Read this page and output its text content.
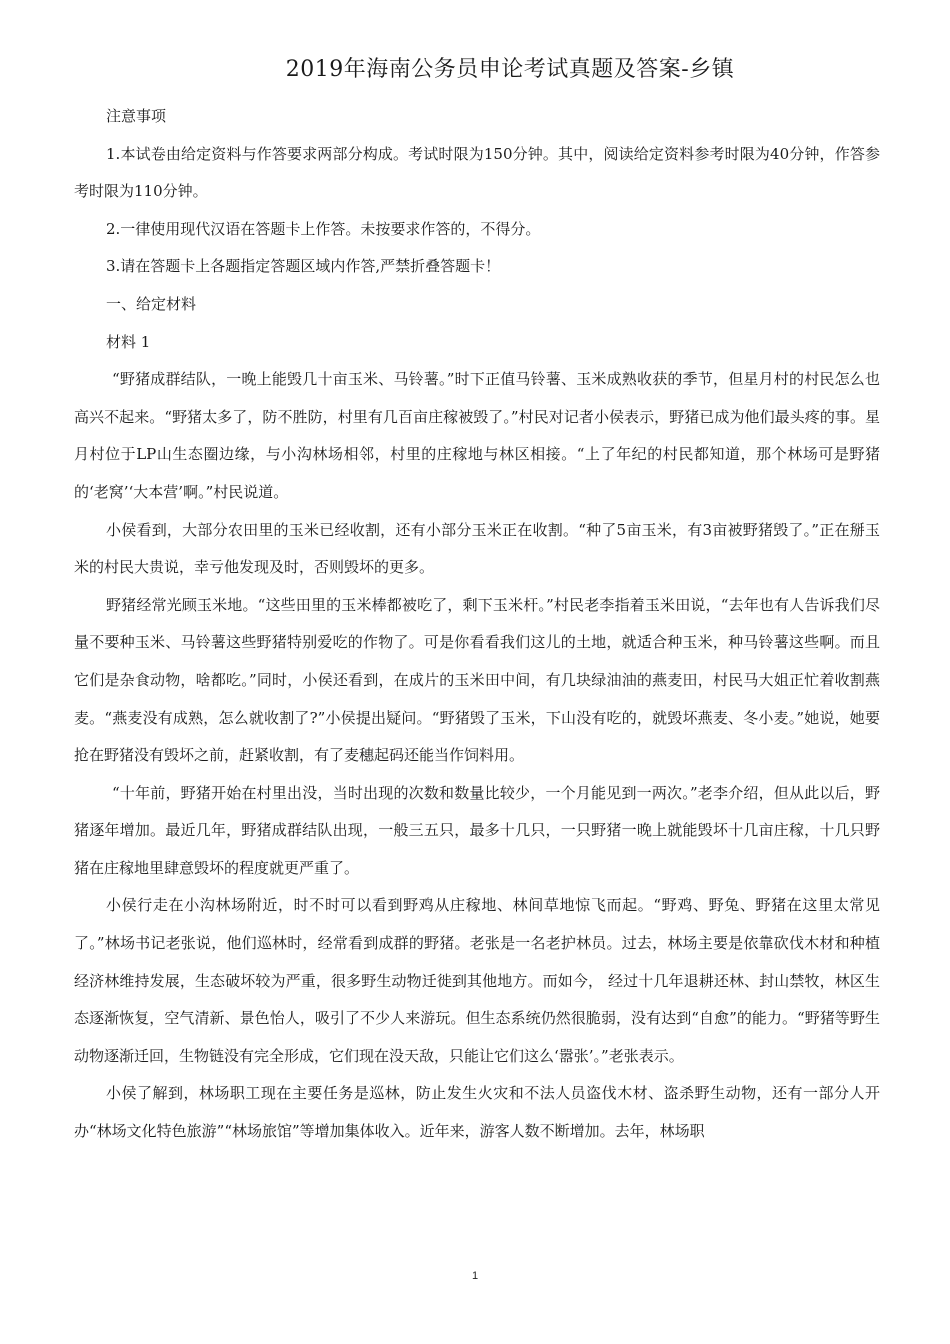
2019年海南公务员申论考试真题及答案-乡镇

注意事项

1.本试卷由给定资料与作答要求两部分构成。考试时限为150分钟。其中，阅读给定资料参考时限为40分钟，作答参考时限为110分钟。

2.一律使用现代汉语在答题卡上作答。未按要求作答的，不得分。

3.请在答题卡上各题指定答题区域内作答,严禁折叠答题卡！

一、给定材料

材料 1

“野猪成群结队，一晚上能毁几十亩玉米、马铃薯。”时下正值马铃薯、玉米成熟收获的季节，但星月村的村民怎么也高兴不起来。“野猪太多了，防不胜防，村里有几百亩庄稼被毁了。”村民对记者小侯表示，野猪已成为他们最头疼的事。星月村位于LP山生态圈边缘，与小沟林场相邻，村里的庄稼地与林区相接。“上了年纪的村民都知道，那个林场可是野猪的‘老窝’‘大本营’啊。”村民说道。

小侯看到，大部分农田里的玉米已经收割，还有小部分玉米正在收割。“种了5亩玉米，有3亩被野猪毁了。”正在掰玉米的村民大贵说，幸亏他发现及时，否则毁坏的更多。

野猪经常光顾玉米地。“这些田里的玉米棒都被吃了，剩下玉米杆。”村民老李指着玉米田说，“去年也有人告诉我们尽量不要种玉米、马铃薯这些野猪特别爱吃的作物了。可是你看看我们这儿的土地，就适合种玉米，种马铃薯这些啊。而且它们是杂食动物，啥都吃。”同时，小侯还看到，在成片的玉米田中间，有几块绿油油的燕麦田，村民马大姐正忙着收割燕麦。“燕麦没有成熟，怎么就收割了?”小侯提出疑问。“野猪毁了玉米，下山没有吃的，就毁坏燕麦、冬小麦。”她说，她要抢在野猪没有毁坏之前，赶紧收割，有了麦穗起码还能当作饲料用。

“十年前，野猪开始在村里出没，当时出现的次数和数量比较少，一个月能见到一两次。”老李介绍，但从此以后，野猪逐年增加。最近几年，野猪成群结队出现，一般三五只，最多十几只，一只野猪一晚上就能毁坏十几亩庄稼，十几只野猪在庄稼地里肆意毁坏的程度就更严重了。

小侯行走在小沟林场附近，时不时可以看到野鸡从庄稼地、林间草地惊飞而起。“野鸡、野兔、野猪在这里太常见了。”林场书记老张说，他们巡林时，经常看到成群的野猪。老张是一名老护林员。过去，林场主要是依靠砍伐木材和种植经济林维持发展，生态破坏较为严重，很多野生动物迁徙到其他地方。而如今， 经过十几年退耕还林、封山禁牧，林区生态逐渐恢复，空气清新、景色怡人，吸引了不少人来游玩。但生态系统仍然很脆弱，没有达到“自愈”的能力。“野猪等野生动物逐渐迁回，生物链没有完全形成，它们现在没天敌，只能让它们这么‘嚣张’。”老张表示。

小侯了解到，林场职工现在主要任务是巡林，防止发生火灾和不法人员盗伐木材、盗杀野生动物，还有一部分人开办“林场文化特色旅游”“林场旅馆”等增加集体收入。近年来，游客人数不断增加。去年，林场职

1
